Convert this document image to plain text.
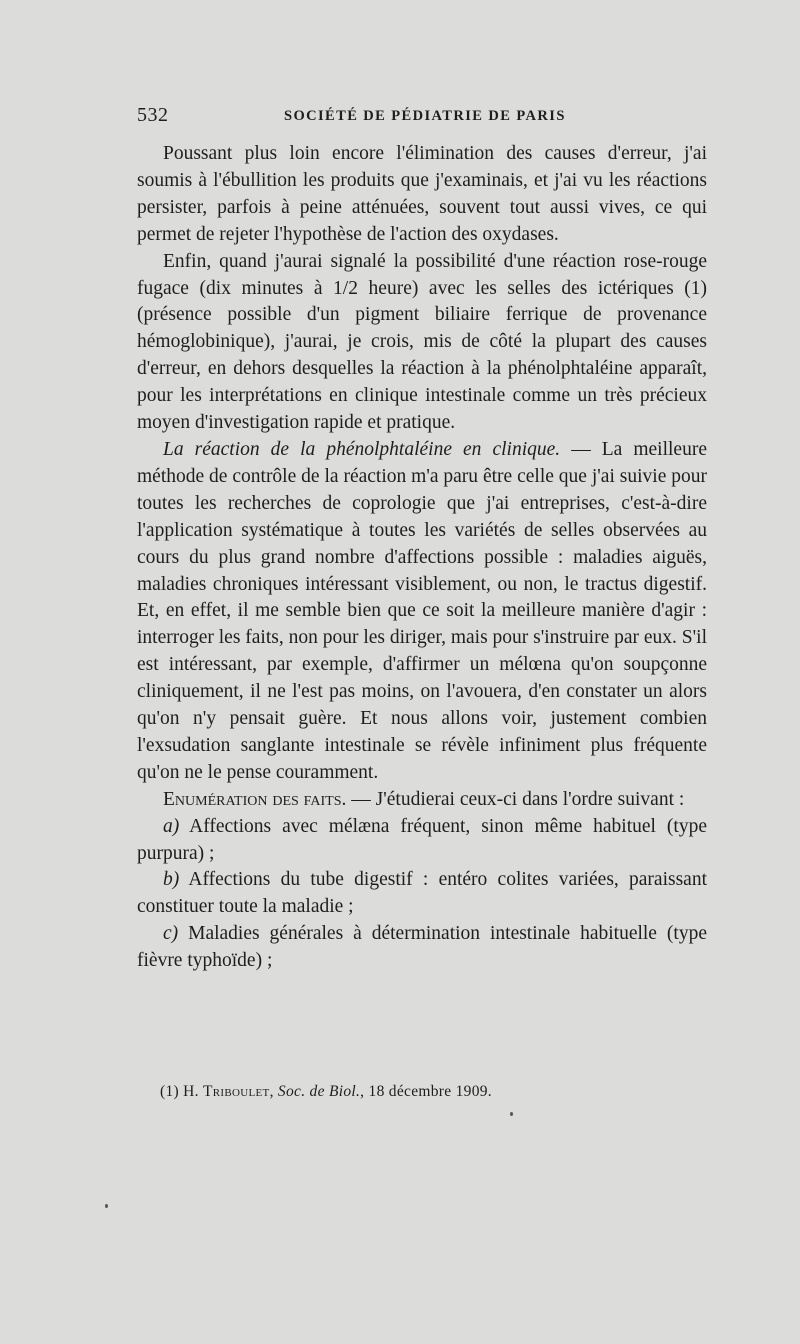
532	SOCIÉTÉ DE PÉDIATRIE DE PARIS

Poussant plus loin encore l'élimination des causes d'erreur, j'ai soumis à l'ébullition les produits que j'examinais, et j'ai vu les réactions persister, parfois à peine atténuées, souvent tout aussi vives, ce qui permet de rejeter l'hypothèse de l'action des oxydases.

Enfin, quand j'aurai signalé la possibilité d'une réaction rose-rouge fugace (dix minutes à 1/2 heure) avec les selles des ictériques (1) (présence possible d'un pigment biliaire ferrique de provenance hémoglobinique), j'aurai, je crois, mis de côté la plupart des causes d'erreur, en dehors desquelles la réaction à la phénolphtaléine apparaît, pour les interprétations en clinique intestinale comme un très précieux moyen d'investigation rapide et pratique.

La réaction de la phénolphtaléine en clinique. — La meilleure méthode de contrôle de la réaction m'a paru être celle que j'ai suivie pour toutes les recherches de coprologie que j'ai entreprises, c'est-à-dire l'application systématique à toutes les variétés de selles observées au cours du plus grand nombre d'affections possible : maladies aiguës, maladies chroniques intéressant visiblement, ou non, le tractus digestif. Et, en effet, il me semble bien que ce soit la meilleure manière d'agir : interroger les faits, non pour les diriger, mais pour s'instruire par eux. S'il est intéressant, par exemple, d'affirmer un mélœna qu'on soupçonne cliniquement, il ne l'est pas moins, on l'avouera, d'en constater un alors qu'on n'y pensait guère. Et nous allons voir, justement combien l'exsudation sanglante intestinale se révèle infiniment plus fréquente qu'on ne le pense couramment.

Enumération des faits. — J'étudierai ceux-ci dans l'ordre suivant :

a) Affections avec mélæna fréquent, sinon même habituel (type purpura) ;

b) Affections du tube digestif : entéro colites variées, paraissant constituer toute la maladie ;

c) Maladies générales à détermination intestinale habituelle (type fièvre typhoïde) ;

(1) H. Triboulet, Soc. de Biol., 18 décembre 1909.
